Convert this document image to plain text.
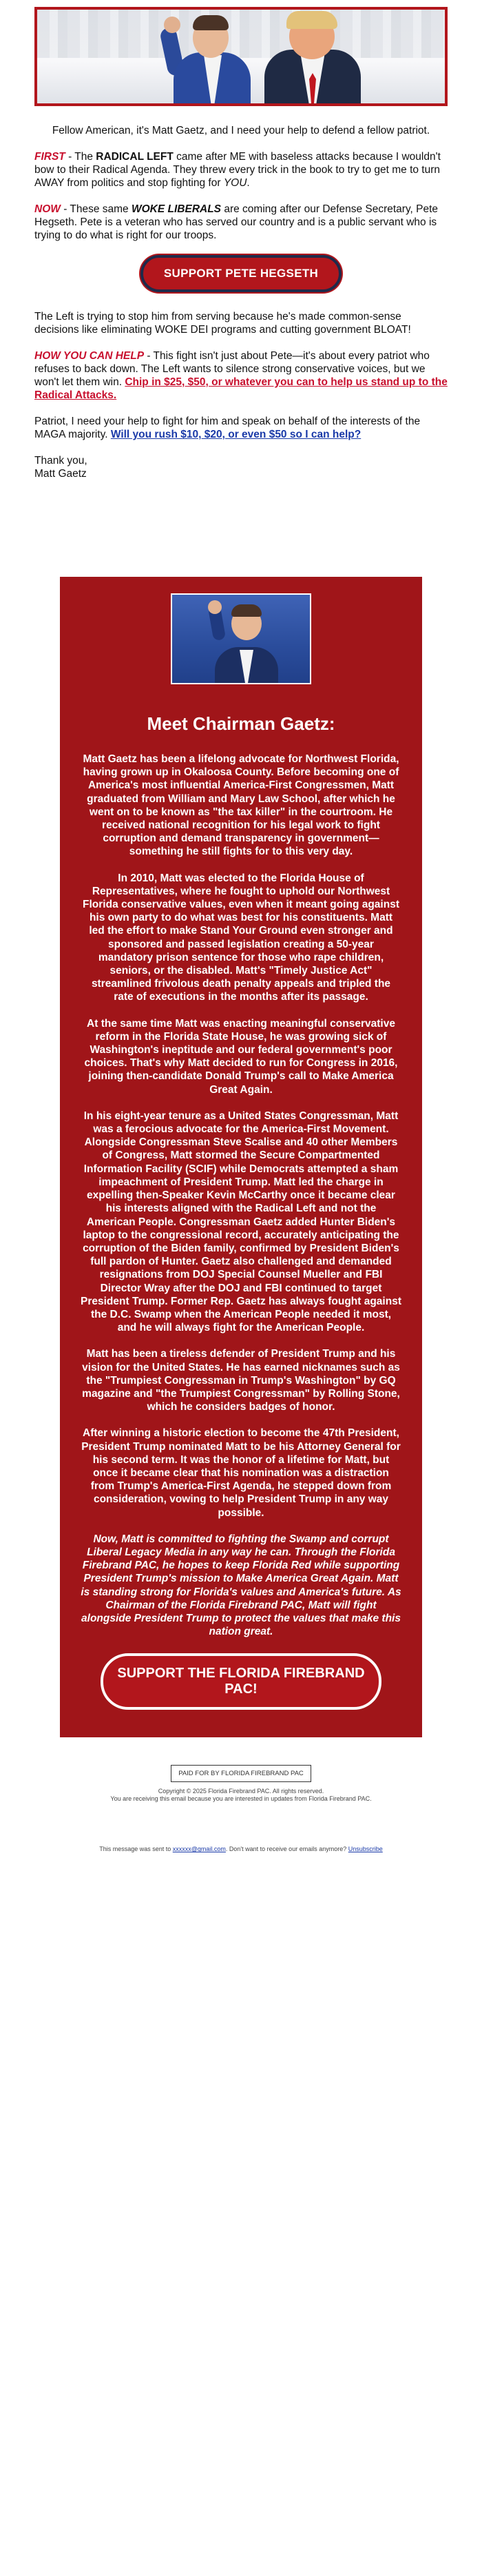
Fellow American, it's Matt Gaetz, and I need your help to defend a fellow patriot.

FIRST - The RADICAL LEFT came after ME with baseless attacks because I wouldn't bow to their Radical Agenda. They threw every trick in the book to try to get me to turn AWAY from politics and stop fighting for YOU.

NOW - These same WOKE LIBERALS are coming after our Defense Secretary, Pete Hegseth. Pete is a veteran who has served our country and is a public servant who is trying to do what is right for our troops.

SUPPORT PETE HEGSETH

The Left is trying to stop him from serving because he's made common-sense decisions like eliminating WOKE DEI programs and cutting government BLOAT!

HOW YOU CAN HELP - This fight isn't just about Pete—it's about every patriot who refuses to back down. The Left wants to silence strong conservative voices, but we won't let them win. Chip in $25, $50, or whatever you can to help us stand up to the Radical Attacks.

Patriot, I need your help to fight for him and speak on behalf of the interests of the MAGA majority. Will you rush $10, $20, or even $50 so I can help?

Thank you,
Matt Gaetz

Meet Chairman Gaetz:

Matt Gaetz has been a lifelong advocate for Northwest Florida, having grown up in Okaloosa County. Before becoming one of America's most influential America-First Congressmen, Matt graduated from William and Mary Law School, after which he went on to be known as "the tax killer" in the courtroom. He received national recognition for his legal work to fight corruption and demand transparency in government—something he still fights for to this very day.

In 2010, Matt was elected to the Florida House of Representatives, where he fought to uphold our Northwest Florida conservative values, even when it meant going against his own party to do what was best for his constituents. Matt led the effort to make Stand Your Ground even stronger and sponsored and passed legislation creating a 50-year mandatory prison sentence for those who rape children, seniors, or the disabled. Matt's "Timely Justice Act" streamlined frivolous death penalty appeals and tripled the rate of executions in the months after its passage.

At the same time Matt was enacting meaningful conservative reform in the Florida State House, he was growing sick of Washington's ineptitude and our federal government's poor choices. That's why Matt decided to run for Congress in 2016, joining then-candidate Donald Trump's call to Make America Great Again.

In his eight-year tenure as a United States Congressman, Matt was a ferocious advocate for the America-First Movement. Alongside Congressman Steve Scalise and 40 other Members of Congress, Matt stormed the Secure Compartmented Information Facility (SCIF) while Democrats attempted a sham impeachment of President Trump. Matt led the charge in expelling then-Speaker Kevin McCarthy once it became clear his interests aligned with the Radical Left and not the American People. Congressman Gaetz added Hunter Biden's laptop to the congressional record, accurately anticipating the corruption of the Biden family, confirmed by President Biden's full pardon of Hunter. Gaetz also challenged and demanded resignations from DOJ Special Counsel Mueller and FBI Director Wray after the DOJ and FBI continued to target President Trump. Former Rep. Gaetz has always fought against the D.C. Swamp when the American People needed it most, and he will always fight for the American People.

Matt has been a tireless defender of President Trump and his vision for the United States. He has earned nicknames such as the "Trumpiest Congressman in Trump's Washington" by GQ magazine and "the Trumpiest Congressman" by Rolling Stone, which he considers badges of honor.

After winning a historic election to become the 47th President, President Trump nominated Matt to be his Attorney General for his second term. It was the honor of a lifetime for Matt, but once it became clear that his nomination was a distraction from Trump's America-First Agenda, he stepped down from consideration, vowing to help President Trump in any way possible.

Now, Matt is committed to fighting the Swamp and corrupt Liberal Legacy Media in any way he can. Through the Florida Firebrand PAC, he hopes to keep Florida Red while supporting President Trump's mission to Make America Great Again. Matt is standing strong for Florida's values and America's future. As Chairman of the Florida Firebrand PAC, Matt will fight alongside President Trump to protect the values that make this nation great.

SUPPORT THE FLORIDA FIREBRAND PAC!
PAID FOR BY FLORIDA FIREBRAND PAC

Copyright © 2025 Florida Firebrand PAC. All rights reserved.

You are receiving this email because you are interested in updates from Florida Firebrand PAC.

This message was sent to xxxxxx@gmail.com. Don't want to receive our emails anymore? Unsubscribe
